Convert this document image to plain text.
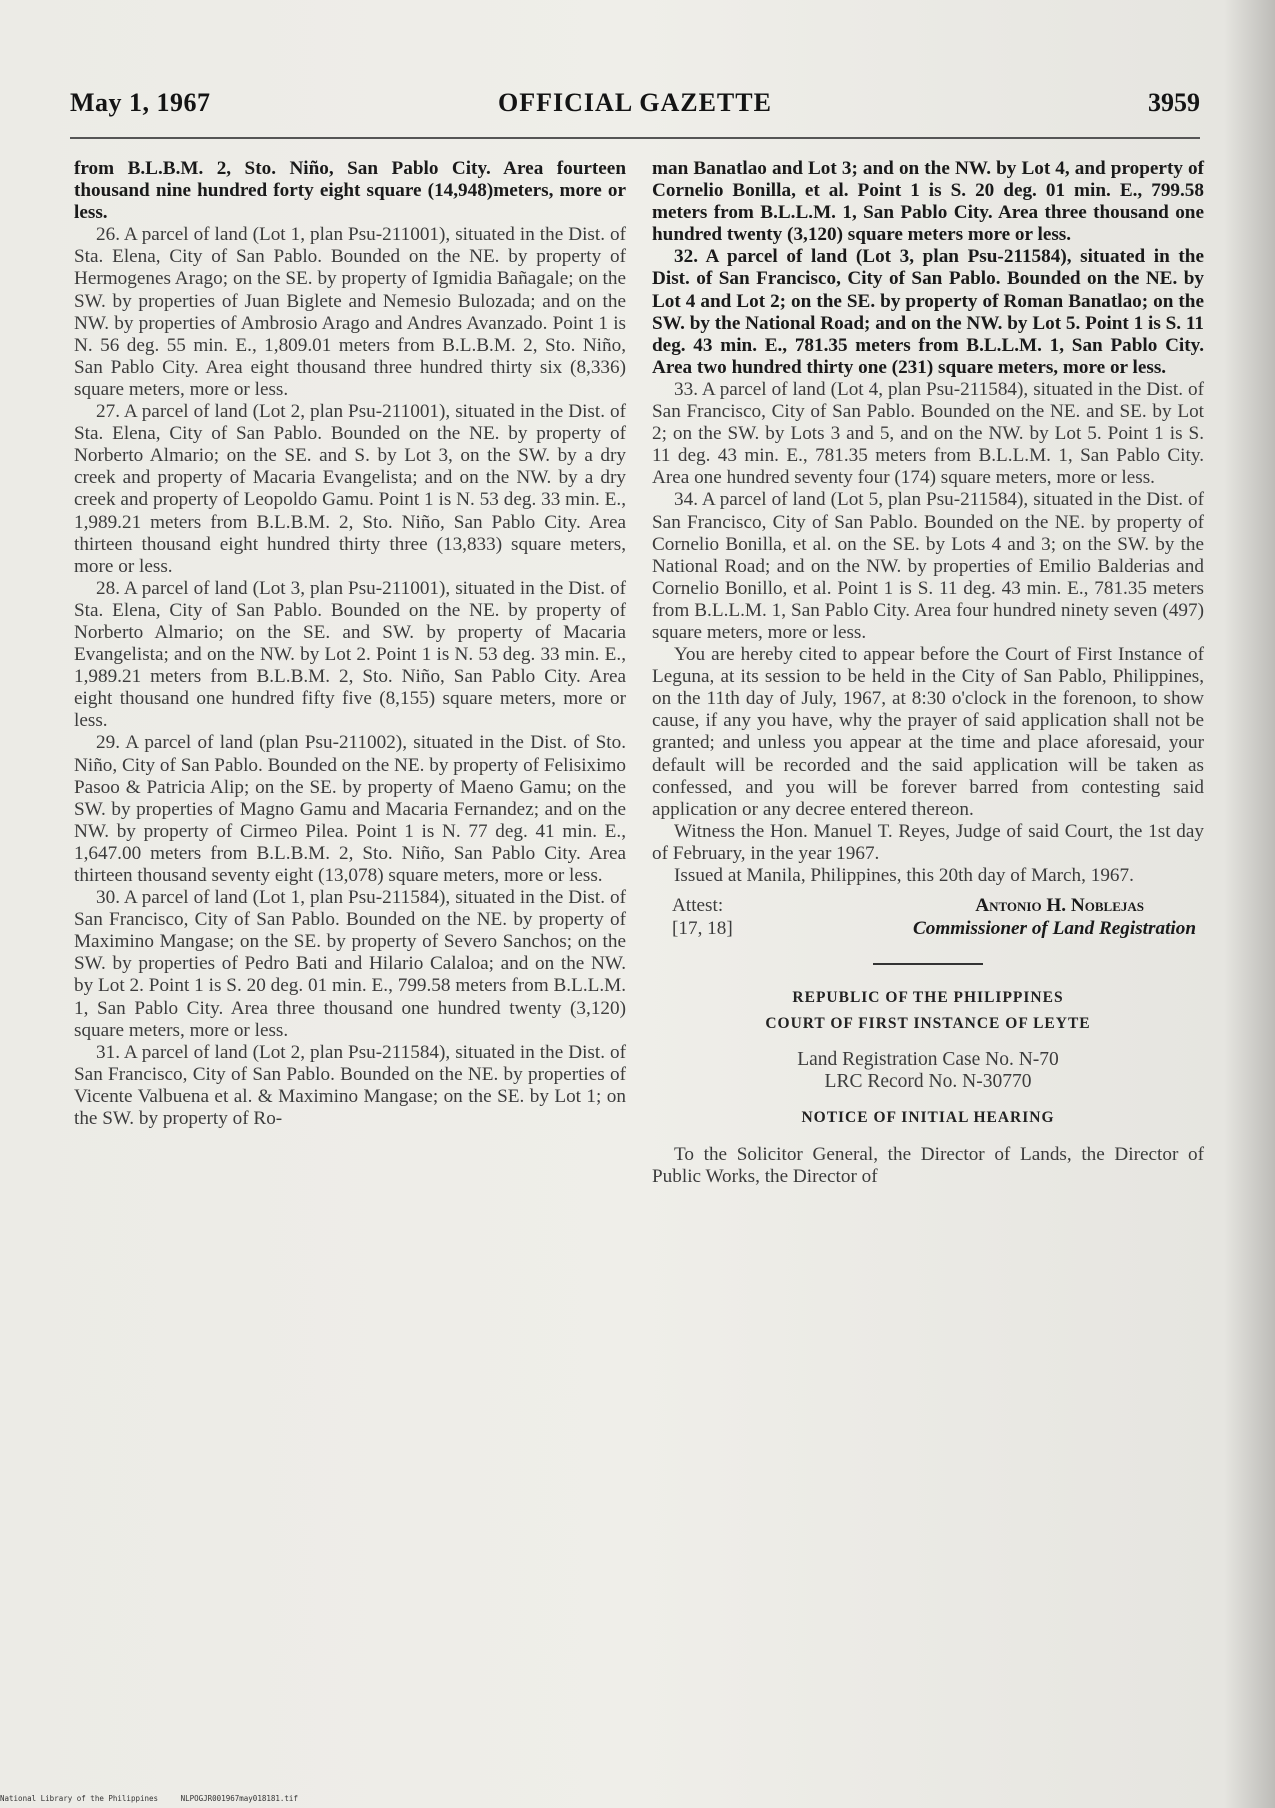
May 1, 1967	OFFICIAL GAZETTE	3959

from B.L.B.M. 2, Sto. Niño, San Pablo City. Area fourteen thousand nine hundred forty eight square (14,948)meters, more or less.

26. A parcel of land (Lot 1, plan Psu-211001), situated in the Dist. of Sta. Elena, City of San Pablo. Bounded on the NE. by property of Hermogenes Arago; on the SE. by property of Igmidia Bañagale; on the SW. by properties of Juan Biglete and Nemesio Bulozada; and on the NW. by properties of Ambrosio Arago and Andres Avanzado. Point 1 is N. 56 deg. 55 min. E., 1,809.01 meters from B.L.B.M. 2, Sto. Niño, San Pablo City. Area eight thousand three hundred thirty six (8,336) square meters, more or less.

27. A parcel of land (Lot 2, plan Psu-211001), situated in the Dist. of Sta. Elena, City of San Pablo. Bounded on the NE. by property of Norberto Almario; on the SE. and S. by Lot 3, on the SW. by a dry creek and property of Macaria Evangelista; and on the NW. by a dry creek and property of Leopoldo Gamu. Point 1 is N. 53 deg. 33 min. E., 1,989.21 meters from B.L.B.M. 2, Sto. Niño, San Pablo City. Area thirteen thousand eight hundred thirty three (13,833) square meters, more or less.

28. A parcel of land (Lot 3, plan Psu-211001), situated in the Dist. of Sta. Elena, City of San Pablo. Bounded on the NE. by property of Norberto Almario; on the SE. and SW. by property of Macaria Evangelista; and on the NW. by Lot 2. Point 1 is N. 53 deg. 33 min. E., 1,989.21 meters from B.L.B.M. 2, Sto. Niño, San Pablo City. Area eight thousand one hundred fifty five (8,155) square meters, more or less.

29. A parcel of land (plan Psu-211002), situated in the Dist. of Sto. Niño, City of San Pablo. Bounded on the NE. by property of Felisiximo Pasoo & Patricia Alip; on the SE. by property of Maeno Gamu; on the SW. by properties of Magno Gamu and Macaria Fernandez; and on the NW. by property of Cirmeo Pilea. Point 1 is N. 77 deg. 41 min. E., 1,647.00 meters from B.L.B.M. 2, Sto. Niño, San Pablo City. Area thirteen thousand seventy eight (13,078) square meters, more or less.

30. A parcel of land (Lot 1, plan Psu-211584), situated in the Dist. of San Francisco, City of San Pablo. Bounded on the NE. by property of Maximino Mangase; on the SE. by property of Severo Sanchos; on the SW. by properties of Pedro Bati and Hilario Calaloa; and on the NW. by Lot 2. Point 1 is S. 20 deg. 01 min. E., 799.58 meters from B.L.L.M. 1, San Pablo City. Area three thousand one hundred twenty (3,120) square meters, more or less.

31. A parcel of land (Lot 2, plan Psu-211584), situated in the Dist. of San Francisco, City of San Pablo. Bounded on the NE. by properties of Vicente Valbuena et al. & Maximino Mangase; on the SE. by Lot 1; on the SW. by property of Ro-

man Banatlao and Lot 3; and on the NW. by Lot 4, and property of Cornelio Bonilla, et al. Point 1 is S. 20 deg. 01 min. E., 799.58 meters from B.L.L.M. 1, San Pablo City. Area three thousand one hundred twenty (3,120) square meters more or less.

32. A parcel of land (Lot 3, plan Psu-211584), situated in the Dist. of San Francisco, City of San Pablo. Bounded on the NE. by Lot 4 and Lot 2; on the SE. by property of Roman Banatlao; on the SW. by the National Road; and on the NW. by Lot 5. Point 1 is S. 11 deg. 43 min. E., 781.35 meters from B.L.L.M. 1, San Pablo City. Area two hundred thirty one (231) square meters, more or less.

33. A parcel of land (Lot 4, plan Psu-211584), situated in the Dist. of San Francisco, City of San Pablo. Bounded on the NE. and SE. by Lot 2; on the SW. by Lots 3 and 5, and on the NW. by Lot 5. Point 1 is S. 11 deg. 43 min. E., 781.35 meters from B.L.L.M. 1, San Pablo City. Area one hundred seventy four (174) square meters, more or less.

34. A parcel of land (Lot 5, plan Psu-211584), situated in the Dist. of San Francisco, City of San Pablo. Bounded on the NE. by property of Cornelio Bonilla, et al. on the SE. by Lots 4 and 3; on the SW. by the National Road; and on the NW. by properties of Emilio Balderias and Cornelio Bonillo, et al. Point 1 is S. 11 deg. 43 min. E., 781.35 meters from B.L.L.M. 1, San Pablo City. Area four hundred ninety seven (497) square meters, more or less.

You are hereby cited to appear before the Court of First Instance of Leguna, at its session to be held in the City of San Pablo, Philippines, on the 11th day of July, 1967, at 8:30 o'clock in the forenoon, to show cause, if any you have, why the prayer of said application shall not be granted; and unless you appear at the time and place aforesaid, your default will be recorded and the said application will be taken as confessed, and you will be forever barred from contesting said application or any decree entered thereon.

Witness the Hon. Manuel T. Reyes, Judge of said Court, the 1st day of February, in the year 1967.

Issued at Manila, Philippines, this 20th day of March, 1967.

Attest:
[17, 18]
Antonio H. Noblejas
Commissioner of Land Registration

REPUBLIC OF THE PHILIPPINES

COURT OF FIRST INSTANCE OF LEYTE

Land Registration Case No. N-70

LRC Record No. N-30770

NOTICE OF INITIAL HEARING

To the Solicitor General, the Director of Lands, the Director of Public Works, the Director of

National Library of the Philippines	NLPOGJR001967may018181.tif
